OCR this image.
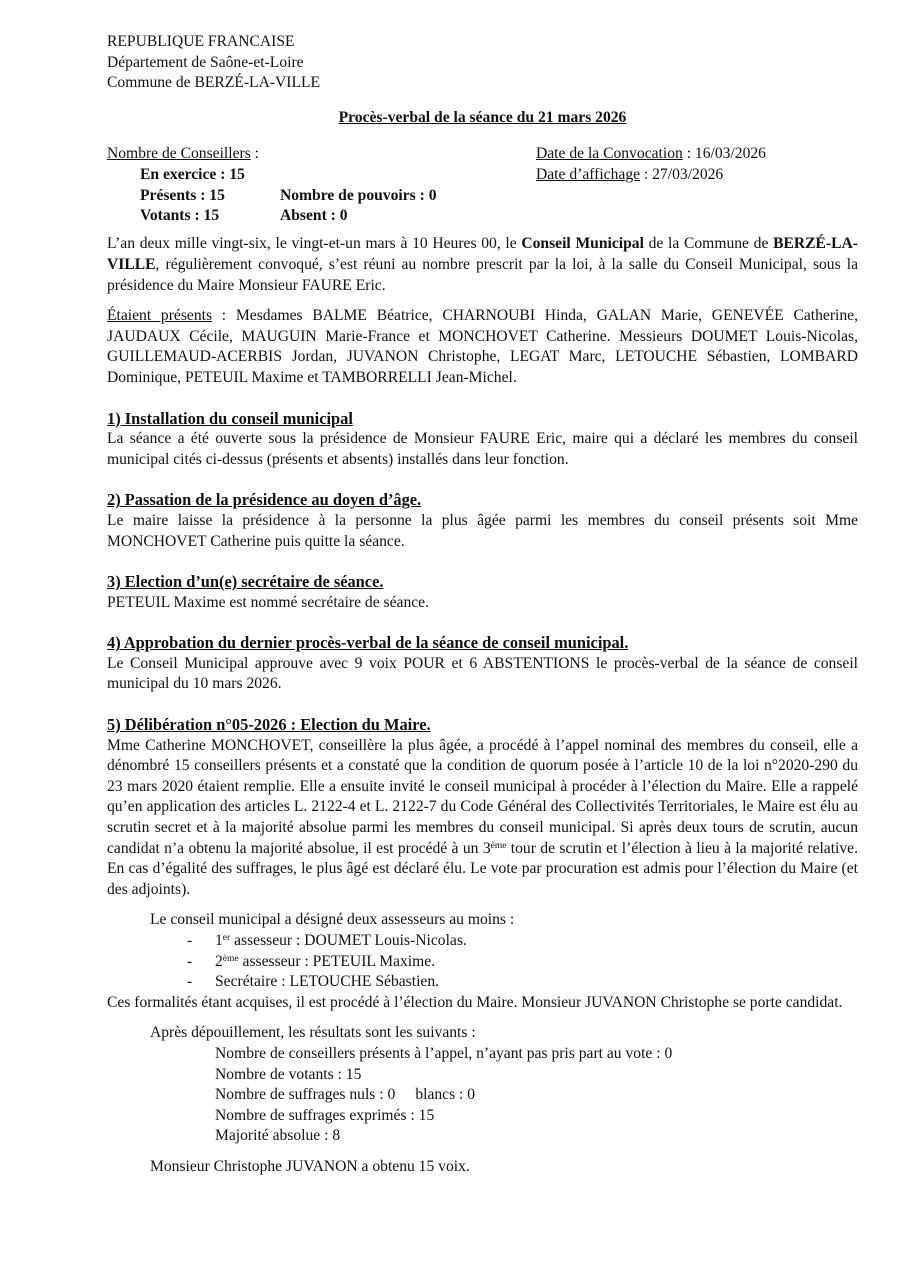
REPUBLIQUE FRANCAISE
Département de Saône-et-Loire
Commune de BERZÉ-LA-VILLE

Procès-verbal de la séance du 21 mars 2026

Nombre de Conseillers :
En exercice : 15
Présents : 15	Nombre de pouvoirs : 0
Votants : 15	Absent : 0
Date de la Convocation : 16/03/2026
Date d’affichage : 27/03/2026

L’an deux mille vingt-six, le vingt-et-un mars à 10 Heures 00, le Conseil Municipal de la Commune de BERZÉ-LA-VILLE, régulièrement convoqué, s’est réuni au nombre prescrit par la loi, à la salle du Conseil Municipal, sous la présidence du Maire Monsieur FAURE Eric.

Étaient présents : Mesdames BALME Béatrice, CHARNOUBI Hinda, GALAN Marie, GENEVÉE Catherine, JAUDAUX Cécile, MAUGUIN Marie-France et MONCHOVET Catherine. Messieurs DOUMET Louis-Nicolas, GUILLEMAUD-ACERBIS Jordan, JUVANON Christophe, LEGAT Marc, LETOUCHE Sébastien, LOMBARD Dominique, PETEUIL Maxime et TAMBORRELLI Jean-Michel.

1) Installation du conseil municipal

La séance a été ouverte sous la présidence de Monsieur FAURE Eric, maire qui a déclaré les membres du conseil municipal cités ci-dessus (présents et absents) installés dans leur fonction.

2) Passation de la présidence au doyen d’âge.

Le maire laisse la présidence à la personne la plus âgée parmi les membres du conseil présents soit Mme MONCHOVET Catherine puis quitte la séance.

3) Election d’un(e) secrétaire de séance.

PETEUIL Maxime est nommé secrétaire de séance.

4) Approbation du dernier procès-verbal de la séance de conseil municipal.

Le Conseil Municipal approuve avec 9 voix POUR et 6 ABSTENTIONS le procès-verbal de la séance de conseil municipal du 10 mars 2026.

5) Délibération n°05-2026 : Election du Maire.

Mme Catherine MONCHOVET, conseillère la plus âgée, a procédé à l’appel nominal des membres du conseil, elle a dénombré 15 conseillers présents et a constaté que la condition de quorum posée à l’article 10 de la loi n°2020-290 du 23 mars 2020 étaient remplie. Elle a ensuite invité le conseil municipal à procéder à l’élection du Maire. Elle a rappelé qu’en application des articles L. 2122-4 et L. 2122-7 du Code Général des Collectivités Territoriales, le Maire est élu au scrutin secret et à la majorité absolue parmi les membres du conseil municipal. Si après deux tours de scrutin, aucun candidat n’a obtenu la majorité absolue, il est procédé à un 3ème tour de scrutin et l’élection à lieu à la majorité relative. En cas d’égalité des suffrages, le plus âgé est déclaré élu. Le vote par procuration est admis pour l’élection du Maire (et des adjoints).

Le conseil municipal a désigné deux assesseurs au moins :

- 1er assesseur : DOUMET Louis-Nicolas.
- 2ème assesseur : PETEUIL Maxime.
- Secrétaire : LETOUCHE Sébastien.

Ces formalités étant acquises, il est procédé à l’élection du Maire. Monsieur JUVANON Christophe se porte candidat.

Après dépouillement, les résultats sont les suivants :

Nombre de conseillers présents à l’appel, n’ayant pas pris part au vote : 0
Nombre de votants : 15
Nombre de suffrages nuls : 0 blancs : 0
Nombre de suffrages exprimés : 15
Majorité absolue : 8

Monsieur Christophe JUVANON a obtenu 15 voix.
